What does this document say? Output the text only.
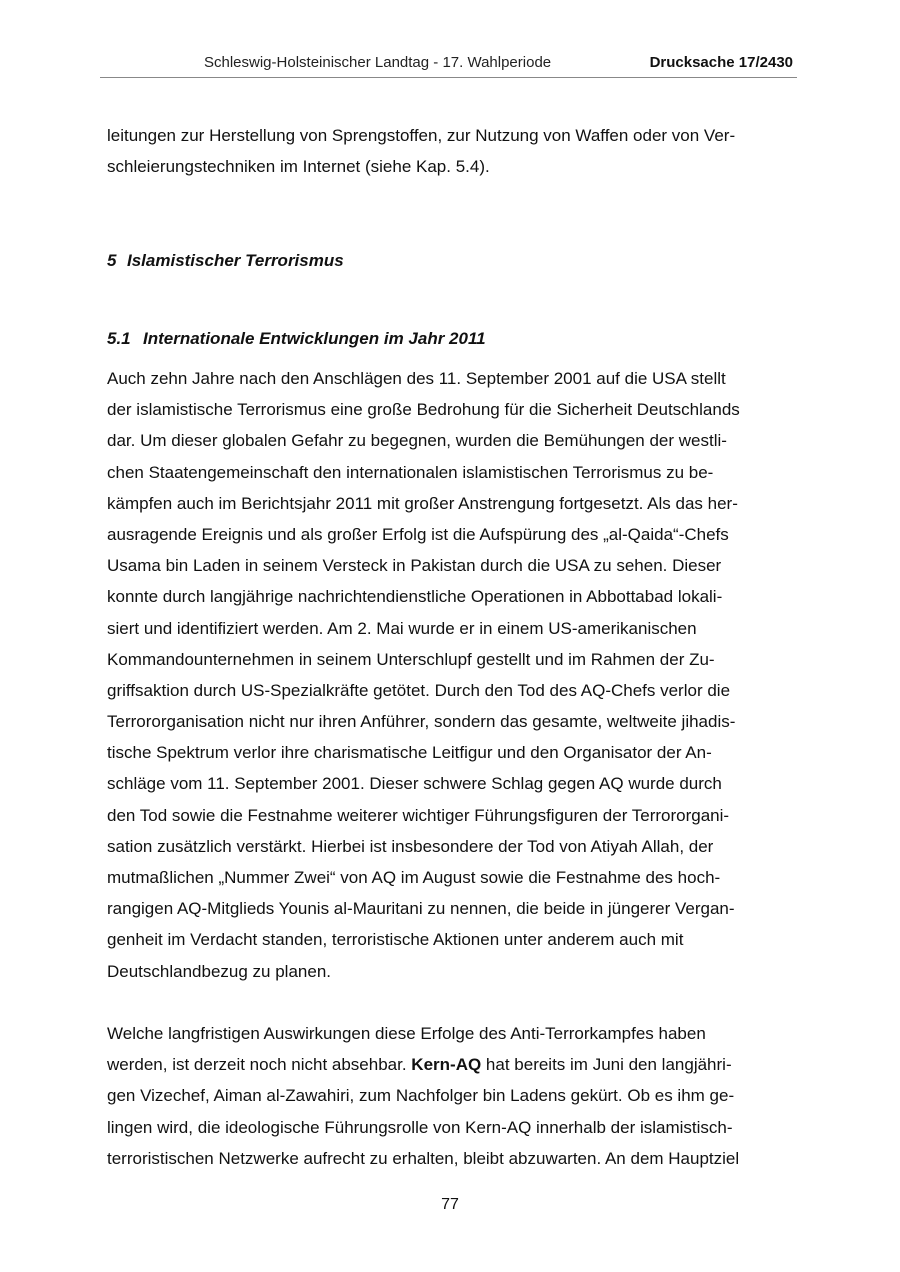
Schleswig-Holsteinischer Landtag - 17. Wahlperiode	Drucksache 17/2430
leitungen zur Herstellung von Sprengstoffen, zur Nutzung von Waffen oder von Ver-
schleierungstechniken im Internet (siehe Kap. 5.4).
5 Islamistischer Terrorismus
5.1 Internationale Entwicklungen im Jahr 2011
Auch zehn Jahre nach den Anschlägen des 11. September 2001 auf die USA stellt
der islamistische Terrorismus eine große Bedrohung für die Sicherheit Deutschlands
dar. Um dieser globalen Gefahr zu begegnen, wurden die Bemühungen der westli-
chen Staatengemeinschaft den internationalen islamistischen Terrorismus zu be-
kämpfen auch im Berichtsjahr 2011 mit großer Anstrengung fortgesetzt. Als das her-
ausragende Ereignis und als großer Erfolg ist die Aufspürung des „al-Qaida“-Chefs
Usama bin Laden in seinem Versteck in Pakistan durch die USA zu sehen. Dieser
konnte durch langjährige nachrichtendienstliche Operationen in Abbottabad lokali-
siert und identifiziert werden. Am 2. Mai wurde er in einem US-amerikanischen
Kommandounternehmen in seinem Unterschlupf gestellt und im Rahmen der Zu-
griffsaktion durch US-Spezialkräfte getötet. Durch den Tod des AQ-Chefs verlor die
Terrororganisation nicht nur ihren Anführer, sondern das gesamte, weltweite jihadis-
tische Spektrum verlor ihre charismatische Leitfigur und den Organisator der An-
schläge vom 11. September 2001. Dieser schwere Schlag gegen AQ wurde durch
den Tod sowie die Festnahme weiterer wichtiger Führungsfiguren der Terrororgani-
sation zusätzlich verstärkt. Hierbei ist insbesondere der Tod von Atiyah Allah, der
mutmaßlichen „Nummer Zwei“ von AQ im August sowie die Festnahme des hoch-
rangigen AQ-Mitglieds Younis al-Mauritani zu nennen, die beide in jüngerer Vergan-
genheit im Verdacht standen, terroristische Aktionen unter anderem auch mit
Deutschlandbezug zu planen.
Welche langfristigen Auswirkungen diese Erfolge des Anti-Terrorkampfes haben
werden, ist derzeit noch nicht absehbar. Kern-AQ hat bereits im Juni den langjähri-
gen Vizechef, Aiman al-Zawahiri, zum Nachfolger bin Ladens gekürt. Ob es ihm ge-
lingen wird, die ideologische Führungsrolle von Kern-AQ innerhalb der islamistisch-
terroristischen Netzwerke aufrecht zu erhalten, bleibt abzuwarten. An dem Hauptziel
77
